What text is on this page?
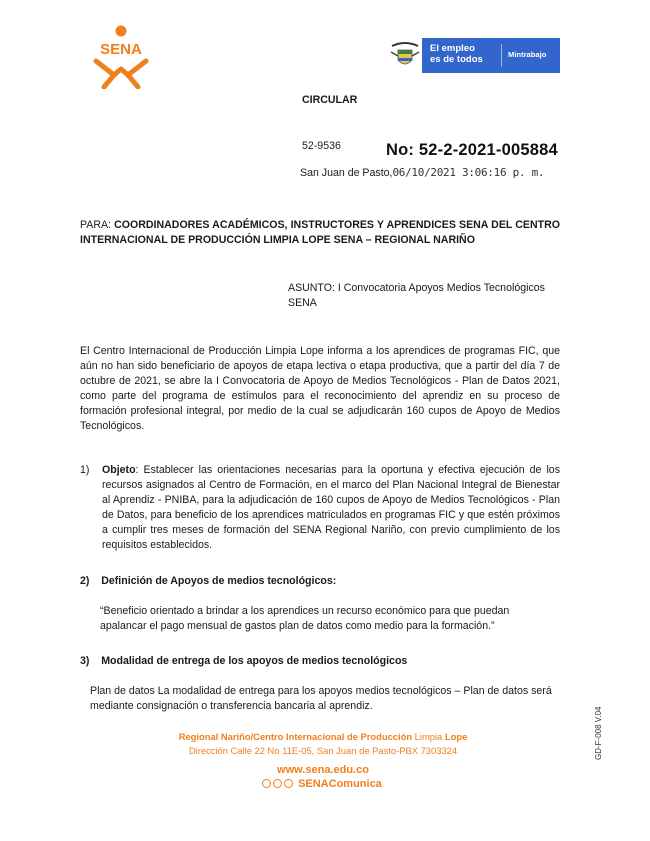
SENA	El empleo
es de todos	Mintrabajo
CIRCULAR
52-9536	No: 52-2-2021-005884
San Juan de Pasto,06/10/2021 3:06:16 p. m.
PARA: COORDINADORES ACADÉMICOS, INSTRUCTORES Y APRENDICES SENA DEL CENTRO INTERNACIONAL DE PRODUCCIÓN LIMPIA LOPE SENA – REGIONAL NARIÑO
ASUNTO: I Convocatoria Apoyos Medios Tecnológicos SENA
El Centro Internacional de Producción Limpia Lope informa a los aprendices de programas FIC, que aún no han sido beneficiario de apoyos de etapa lectiva o etapa productiva, que a partir del día 7 de octubre de 2021, se abre la I Convocatoria de Apoyo de Medios Tecnológicos - Plan de Datos 2021, como parte del programa de estímulos para el reconocimiento del aprendiz en su proceso de formación profesional integral, por medio de la cual se adjudicarán 160 cupos de Apoyo de Medios Tecnológicos.
1) Objeto: Establecer las orientaciones necesarias para la oportuna y efectiva ejecución de los recursos asignados al Centro de Formación, en el marco del Plan Nacional Integral de Bienestar al Aprendiz - PNIBA, para la adjudicación de 160 cupos de Apoyo de Medios Tecnológicos - Plan de Datos, para beneficio de los aprendices matriculados en programas FIC y que estén próximos a cumplir tres meses de formación del SENA Regional Nariño, con previo cumplimiento de los requisitos establecidos.
2) Definición de Apoyos de medios tecnológicos:
“Beneficio orientado a brindar a los aprendices un recurso económico para que puedan apalancar el pago mensual de gastos plan de datos como medio para la formación.”
3) Modalidad de entrega de los apoyos de medios tecnológicos
Plan de datos La modalidad de entrega para los apoyos medios tecnológicos – Plan de datos será mediante consignación o transferencia bancaria al aprendiz.
Regional Nariño/Centro Internacional de Producción Limpia Lope
Dirección Calle 22 No 11E-05, San Juan de Pasto-PBX 7303324
www.sena.edu.co
SENAComunica
GD-F-008 V.04
